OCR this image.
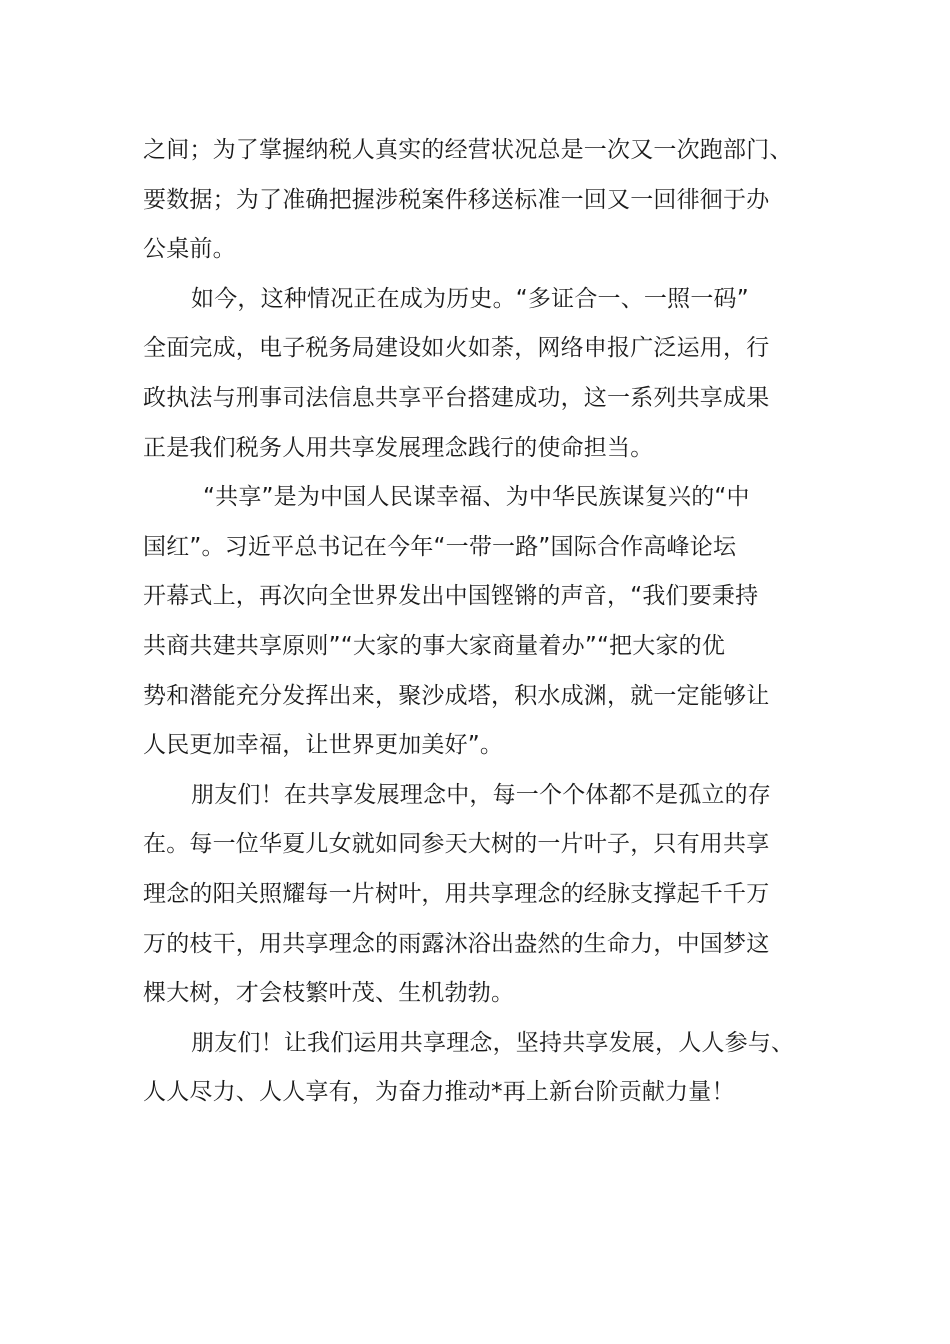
之间；为了掌握纳税人真实的经营状况总是一次又一次跑部门、
要数据；为了准确把握涉税案件移送标准一回又一回徘徊于办
公桌前。

如今，这种情况正在成为历史。“多证合一、一照一码”
全面完成，电子税务局建设如火如荼，网络申报广泛运用，行
政执法与刑事司法信息共享平台搭建成功，这一系列共享成果
正是我们税务人用共享发展理念践行的使命担当。

“共享”是为中国人民谋幸福、为中华民族谋复兴的“中
国红”。习近平总书记在今年“一带一路”国际合作高峰论坛
开幕式上，再次向全世界发出中国铿锵的声音，“我们要秉持
共商共建共享原则”“大家的事大家商量着办”“把大家的优
势和潜能充分发挥出来，聚沙成塔，积水成渊，就一定能够让
人民更加幸福，让世界更加美好”。

朋友们！在共享发展理念中，每一个个体都不是孤立的存
在。每一位华夏儿女就如同参天大树的一片叶子，只有用共享
理念的阳关照耀每一片树叶，用共享理念的经脉支撑起千千万
万的枝干，用共享理念的雨露沐浴出盎然的生命力，中国梦这
棵大树，才会枝繁叶茂、生机勃勃。

朋友们！让我们运用共享理念，坚持共享发展，人人参与、
人人尽力、人人享有，为奋力推动*再上新台阶贡献力量！
